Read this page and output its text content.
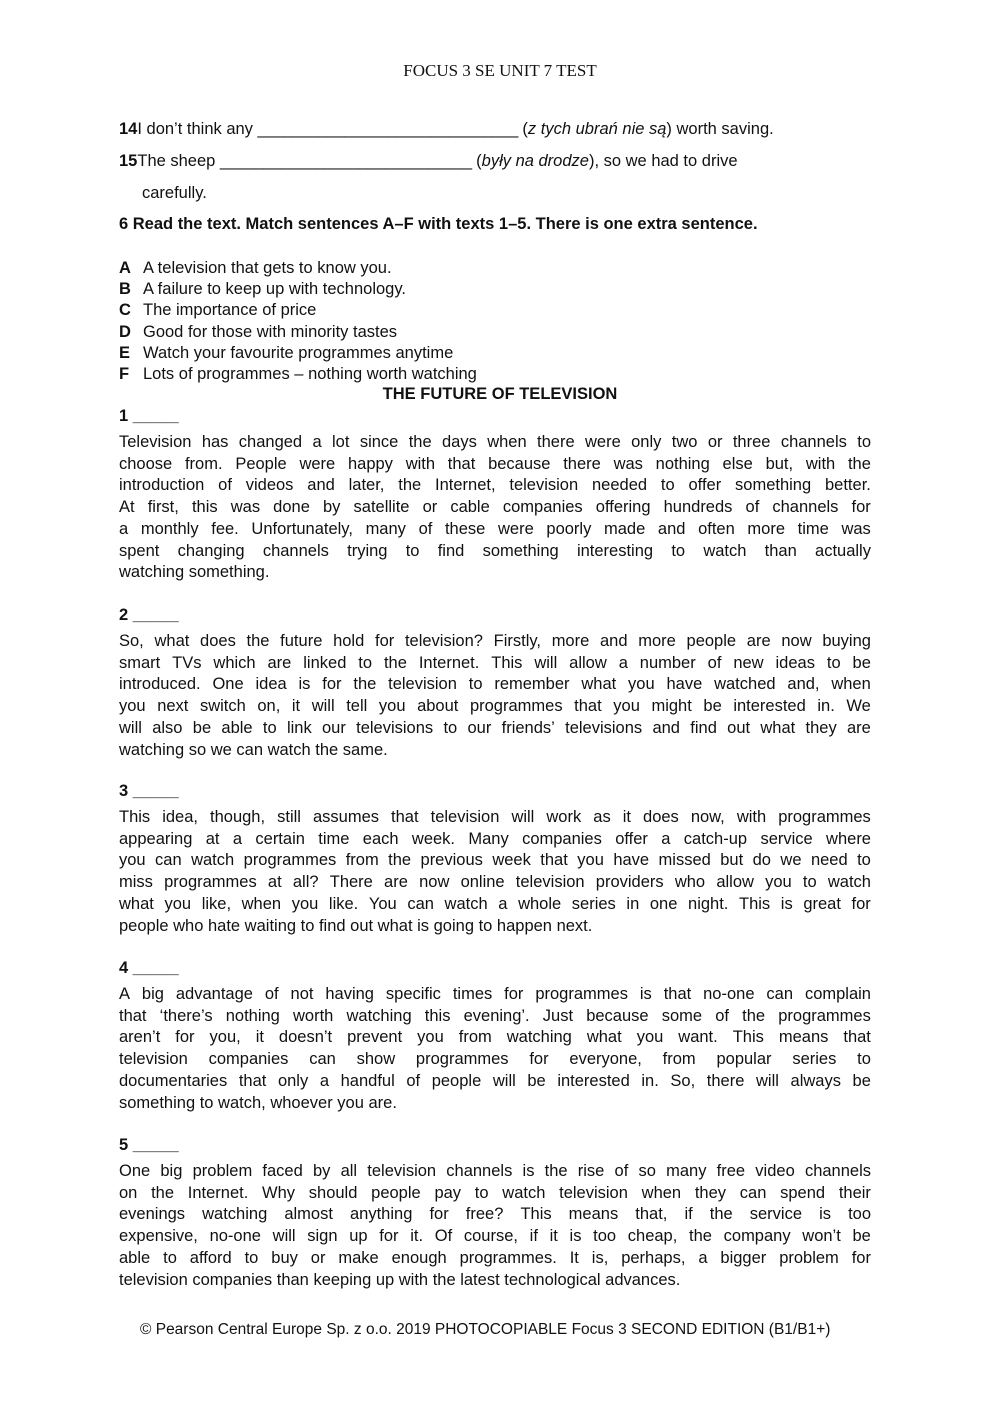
FOCUS 3 SE UNIT 7 TEST
14I don’t think any ______________________________ (z tych ubrań nie są) worth saving.
15The sheep _____________________________ (były na drodze), so we had to drive
carefully.
6 Read the text. Match sentences A–F with texts 1–5. There is one extra sentence.
A A television that gets to know you.
B A failure to keep up with technology.
C The importance of price
D Good for those with minority tastes
E Watch your favourite programmes anytime
F Lots of programmes – nothing worth watching
THE FUTURE OF TELEVISION
1 _____
Television has changed a lot since the days when there were only two or three channels to
choose from. People were happy with that because there was nothing else but, with the
introduction of videos and later, the Internet, television needed to offer something better.
At first, this was done by satellite or cable companies offering hundreds of channels for
a monthly fee. Unfortunately, many of these were poorly made and often more time was
spent changing channels trying to find something interesting to watch than actually
watching something.
2 _____
So, what does the future hold for television? Firstly, more and more people are now buying
smart TVs which are linked to the Internet. This will allow a number of new ideas to be
introduced. One idea is for the television to remember what you have watched and, when
you next switch on, it will tell you about programmes that you might be interested in. We
will also be able to link our televisions to our friends’ televisions and find out what they are
watching so we can watch the same.
3 _____
This idea, though, still assumes that television will work as it does now, with programmes
appearing at a certain time each week. Many companies offer a catch-up service where
you can watch programmes from the previous week that you have missed but do we need to
miss programmes at all? There are now online television providers who allow you to watch
what you like, when you like. You can watch a whole series in one night. This is great for
people who hate waiting to find out what is going to happen next.
4 _____
A big advantage of not having specific times for programmes is that no-one can complain
that ‘there’s nothing worth watching this evening’. Just because some of the programmes
aren’t for you, it doesn’t prevent you from watching what you want. This means that
television companies can show programmes for everyone, from popular series to
documentaries that only a handful of people will be interested in. So, there will always be
something to watch, whoever you are.
5 _____
One big problem faced by all television channels is the rise of so many free video channels
on the Internet. Why should people pay to watch television when they can spend their
evenings watching almost anything for free? This means that, if the service is too
expensive, no-one will sign up for it. Of course, if it is too cheap, the company won’t be
able to afford to buy or make enough programmes. It is, perhaps, a bigger problem for
television companies than keeping up with the latest technological advances.
© Pearson Central Europe Sp. z o.o. 2019 PHOTOCOPIABLE Focus 3 SECOND EDITION (B1/B1+)
